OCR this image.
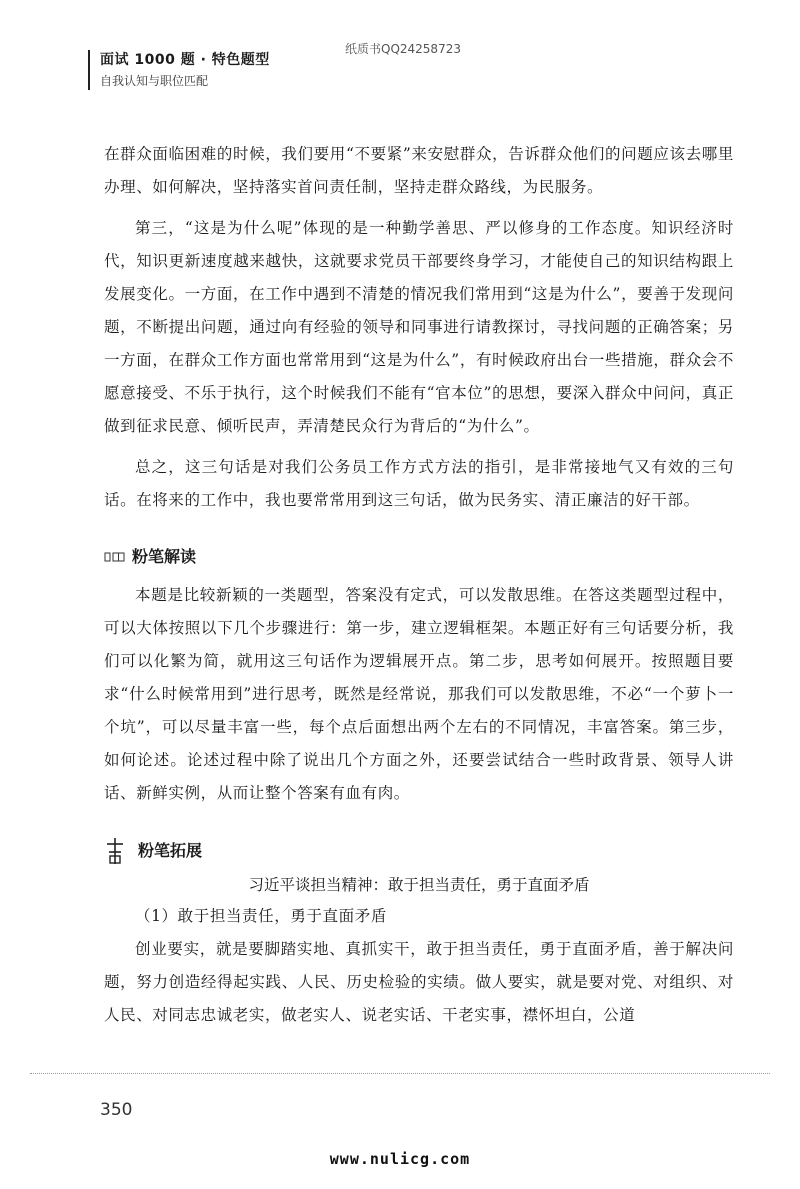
纸质书QQ24258723
面试 1000 题 · 特色题型
自我认知与职位匹配

在群众面临困难的时候，我们要用“不要紧”来安慰群众，告诉群众他们的问题应该去哪里办理、如何解决，坚持落实首问责任制，坚持走群众路线，为民服务。

第三，“这是为什么呢”体现的是一种勤学善思、严以修身的工作态度。知识经济时代，知识更新速度越来越快，这就要求党员干部要终身学习，才能使自己的知识结构跟上发展变化。一方面，在工作中遇到不清楚的情况我们常用到“这是为什么”，要善于发现问题，不断提出问题，通过向有经验的领导和同事进行请教探讨，寻找问题的正确答案；另一方面，在群众工作方面也常常用到“这是为什么”，有时候政府出台一些措施，群众会不愿意接受、不乐于执行，这个时候我们不能有“官本位”的思想，要深入群众中问问，真正做到征求民意、倾听民声，弄清楚民众行为背后的“为什么”。

总之，这三句话是对我们公务员工作方式方法的指引，是非常接地气又有效的三句话。在将来的工作中，我也要常常用到这三句话，做为民务实、清正廉洁的好干部。

粉笔解读

本题是比较新颖的一类题型，答案没有定式，可以发散思维。在答这类题型过程中，可以大体按照以下几个步骤进行：第一步，建立逻辑框架。本题正好有三句话要分析，我们可以化繁为简，就用这三句话作为逻辑展开点。第二步，思考如何展开。按照题目要求“什么时候常用到”进行思考，既然是经常说，那我们可以发散思维，不必“一个萝卜一个坑”，可以尽量丰富一些，每个点后面想出两个左右的不同情况，丰富答案。第三步，如何论述。论述过程中除了说出几个方面之外，还要尝试结合一些时政背景、领导人讲话、新鲜实例，从而让整个答案有血有肉。

粉笔拓展
习近平谈担当精神：敢于担当责任，勇于直面矛盾

（1）敢于担当责任，勇于直面矛盾

创业要实，就是要脚踏实地、真抓实干，敢于担当责任，勇于直面矛盾，善于解决问题，努力创造经得起实践、人民、历史检验的实绩。做人要实，就是要对党、对组织、对人民、对同志忠诚老实，做老实人、说老实话、干老实事，襟怀坦白，公道

350
www.nulicg.com
